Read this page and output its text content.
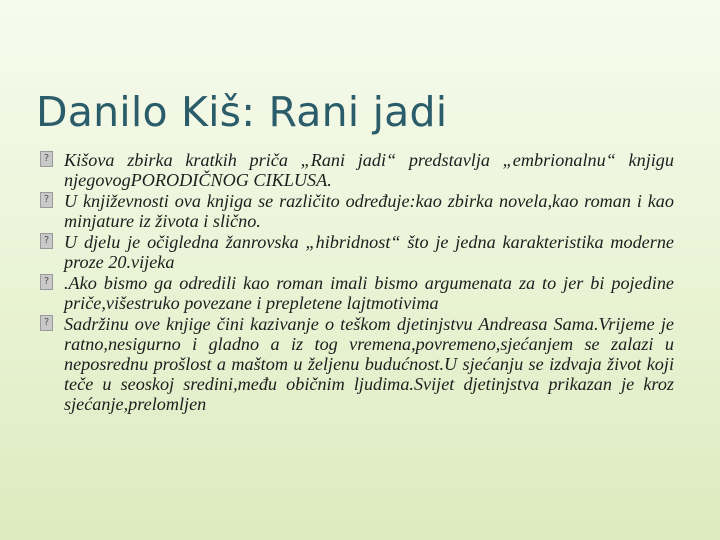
Danilo Kiš: Rani jadi
? Kišova zbirka kratkih priča „Rani jadi“ predstavlja „embrionalnu“ knjigu njegovogPORODIČNOG CIKLUSA.
? U književnosti ova knjiga se različito određuje:kao zbirka novela,kao roman i kao minjature iz života i slično.
? U djelu je očigledna žanrovska „hibridnost“ što je jedna karakteristika moderne proze 20.vijeka
? .Ako bismo ga odredili kao roman imali bismo argumenata za to jer bi pojedine priče,višestruko povezane i prepletene lajtmotivima
? Sadržinu ove knjige čini kazivanje o teškom djetinjstvu Andreasa Sama.Vrijeme je ratno,nesigurno i gladno a iz tog vremena,povremeno,sjećanjem se zalazi u neposrednu prošlost a maštom u željenu budućnost.U sjećanju se izdvaja život koji teče u seoskoj sredini,među običnim ljudima.Svijet djetinjstva prikazan je kroz sjećanje,prelomljen
